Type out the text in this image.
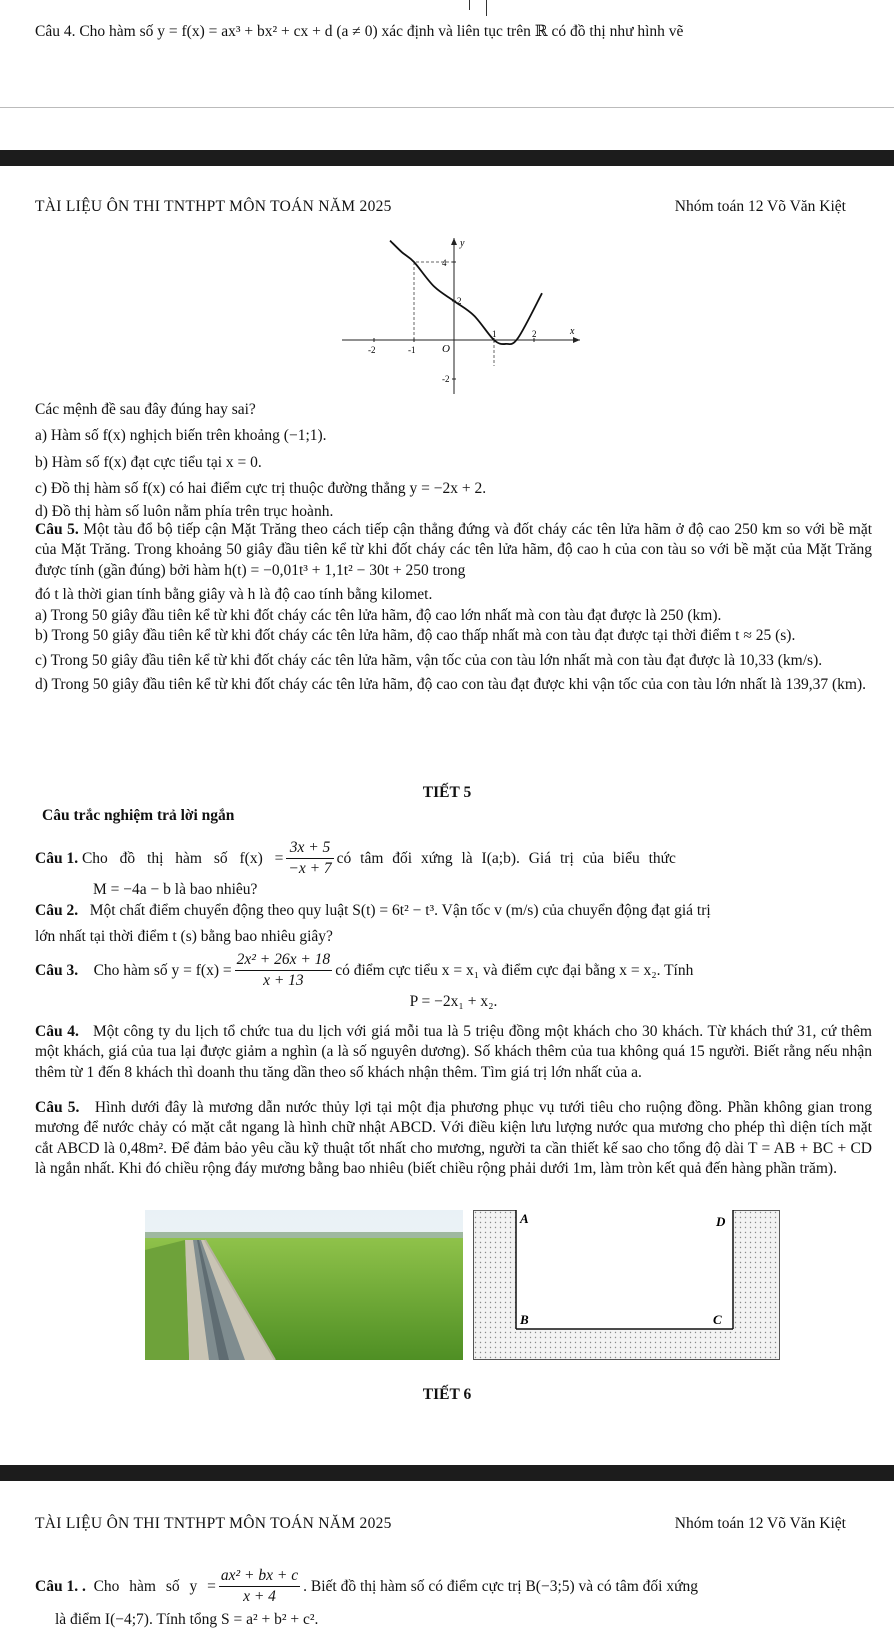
Câu 4. Cho hàm số y = f(x) = ax³ + bx² + cx + d (a ≠ 0) xác định và liên tục trên ℝ có đồ thị như hình vẽ

TÀI LIỆU ÔN THI TNTHPT MÔN TOÁN NĂM 2025	Nhóm toán 12 Võ Văn Kiệt
x
y
O
-2	-1
1	2
4
2
-2

Các mệnh đề sau đây đúng hay sai?

a) Hàm số f(x) nghịch biến trên khoảng (−1;1).

b) Hàm số f(x) đạt cực tiểu tại x = 0.

c) Đồ thị hàm số f(x) có hai điểm cực trị thuộc đường thẳng y = −2x + 2.

d) Đồ thị hàm số luôn nằm phía trên trục hoành.

Câu 5. Một tàu đổ bộ tiếp cận Mặt Trăng theo cách tiếp cận thẳng đứng và đốt cháy các tên lửa hãm ở độ cao 250 km so với bề mặt của Mặt Trăng. Trong khoảng 50 giây đầu tiên kể từ khi đốt cháy các tên lửa hãm, độ cao h của con tàu so với bề mặt của Mặt Trăng được tính (gần đúng) bởi hàm h(t) = −0,01t³ + 1,1t² − 30t + 250 trong

đó t là thời gian tính bằng giây và h là độ cao tính bằng kilomet.

a) Trong 50 giây đầu tiên kể từ khi đốt cháy các tên lửa hãm, độ cao lớn nhất mà con tàu đạt được là 250 (km).

b) Trong 50 giây đầu tiên kể từ khi đốt cháy các tên lửa hãm, độ cao thấp nhất mà con tàu đạt được tại thời điểm t ≈ 25 (s).

c) Trong 50 giây đầu tiên kể từ khi đốt cháy các tên lửa hãm, vận tốc của con tàu lớn nhất mà con tàu đạt được là 10,33 (km/s).

d) Trong 50 giây đầu tiên kể từ khi đốt cháy các tên lửa hãm, độ cao con tàu đạt được khi vận tốc của con tàu lớn nhất là 139,37 (km).

TIẾT 5

Câu trắc nghiệm trả lời ngắn

Câu 1.
Cho đồ thị hàm số $f(x) = \frac{3x + 5}{-x + 7}$ có tâm đối xứng là I(a;b). Giá trị của biểu thức

M = −4a − b là bao nhiêu?

Câu 2. Một chất điểm chuyển động theo quy luật S(t) = 6t² − t³. Vận tốc v (m/s) của chuyển động đạt giá trị

lớn nhất tại thời điểm t (s) bằng bao nhiêu giây?

Câu 3.
Cho hàm số $y = f(x) = \frac{\text{2x² + 26x + 18}}{x + 13}$ có điểm cực tiểu x = x₁ và điểm cực đại bằng x = x₂. Tính

P = −2x₁ + x₂.

Câu 4. Một công ty du lịch tổ chức tua du lịch với giá mỗi tua là 5 triệu đồng một khách cho 30 khách. Từ khách thứ 31, cứ thêm một khách, giá của tua lại được giảm a nghìn (a là số nguyên dương). Số khách thêm của tua không quá 15 người. Biết rằng nếu nhận thêm từ 1 đến 8 khách thì doanh thu tăng dần theo số khách nhận thêm. Tìm giá trị lớn nhất của a.

Câu 5. Hình dưới đây là mương dẫn nước thủy lợi tại một địa phương phục vụ tưới tiêu cho ruộng đồng. Phần không gian trong mương để nước chảy có mặt cắt ngang là hình chữ nhật ABCD. Với điều kiện lưu lượng nước qua mương cho phép thì diện tích mặt cắt ABCD là 0,48m². Để đảm bảo yêu cầu kỹ thuật tốt nhất cho mương, người ta cần thiết kế sao cho tổng độ dài T = AB + BC + CD là ngắn nhất. Khi đó chiều rộng đáy mương bằng bao nhiêu (biết chiều rộng phải dưới 1m, làm tròn kết quả đến hàng phần trăm).

A	D
B	C

TIẾT 6

TÀI LIỆU ÔN THI TNTHPT MÔN TOÁN NĂM 2025	Nhóm toán 12 Võ Văn Kiệt
Câu 1. .
Cho hàm số $y = \frac{\text{ax² + bx + c}}{x + 4}$ . Biết đồ thị hàm số có điểm cực trị B(−3;5) và có tâm đối xứng

là điểm I(−4;7). Tính tổng S = a² + b² + c².
